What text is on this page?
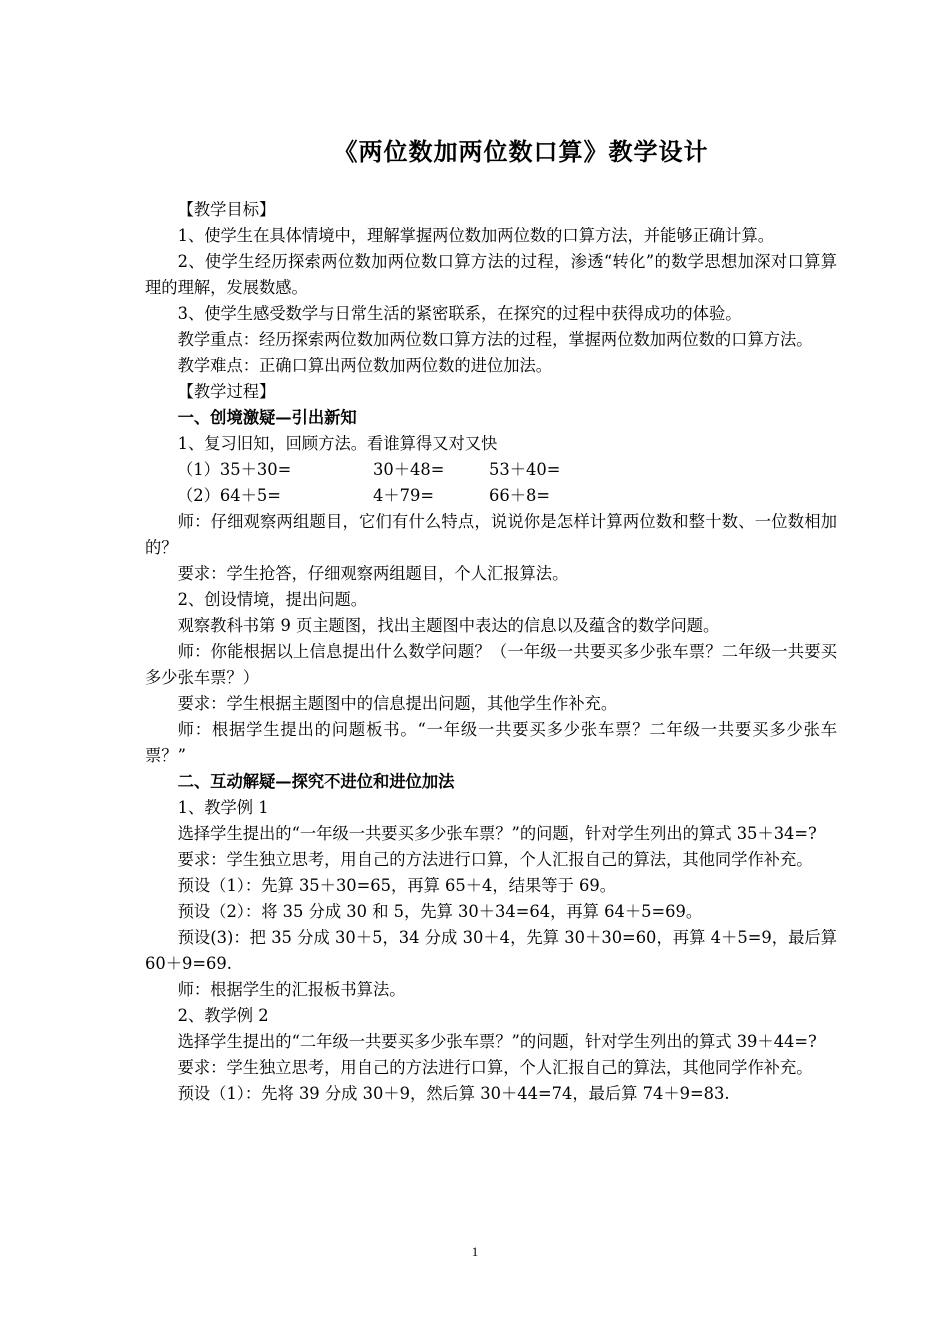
《两位数加两位数口算》教学设计

【教学目标】

1、使学生在具体情境中，理解掌握两位数加两位数的口算方法，并能够正确计算。

2、使学生经历探索两位数加两位数口算方法的过程，渗透“转化”的数学思想加深对口算算理的理解，发展数感。

3、使学生感受数学与日常生活的紧密联系，在探究的过程中获得成功的体验。

教学重点：经历探索两位数加两位数口算方法的过程，掌握两位数加两位数的口算方法。

教学难点：正确口算出两位数加两位数的进位加法。

【教学过程】

一、创境激疑—引出新知

1、复习旧知，回顾方法。看谁算得又对又快

（1）35＋30=	30＋48=	53＋40=
（2）64＋5=	4＋79=	66＋8=

师：仔细观察两组题目，它们有什么特点，说说你是怎样计算两位数和整十数、一位数相加的？

要求：学生抢答，仔细观察两组题目，个人汇报算法。

2、创设情境，提出问题。

观察教科书第 9 页主题图，找出主题图中表达的信息以及蕴含的数学问题。

师：你能根据以上信息提出什么数学问题？（一年级一共要买多少张车票？二年级一共要买多少张车票？）

要求：学生根据主题图中的信息提出问题，其他学生作补充。

师：根据学生提出的问题板书。“一年级一共要买多少张车票？二年级一共要买多少张车票？”

二、互动解疑—探究不进位和进位加法

1、教学例 1

选择学生提出的“一年级一共要买多少张车票？”的问题，针对学生列出的算式 35＋34=?

要求：学生独立思考，用自己的方法进行口算，个人汇报自己的算法，其他同学作补充。

预设（1）：先算 35＋30=65，再算 65＋4，结果等于 69。

预设（2）：将 35 分成 30 和 5，先算 30＋34=64，再算 64＋5=69。

预设(3)：把 35 分成 30＋5，34 分成 30＋4，先算 30＋30=60，再算 4＋5=9，最后算 60＋9=69.

师：根据学生的汇报板书算法。

2、教学例 2

选择学生提出的“二年级一共要买多少张车票？”的问题，针对学生列出的算式 39＋44=?

要求：学生独立思考，用自己的方法进行口算，个人汇报自己的算法，其他同学作补充。

预设（1）：先将 39 分成 30＋9，然后算 30＋44=74，最后算 74＋9=83.

1
